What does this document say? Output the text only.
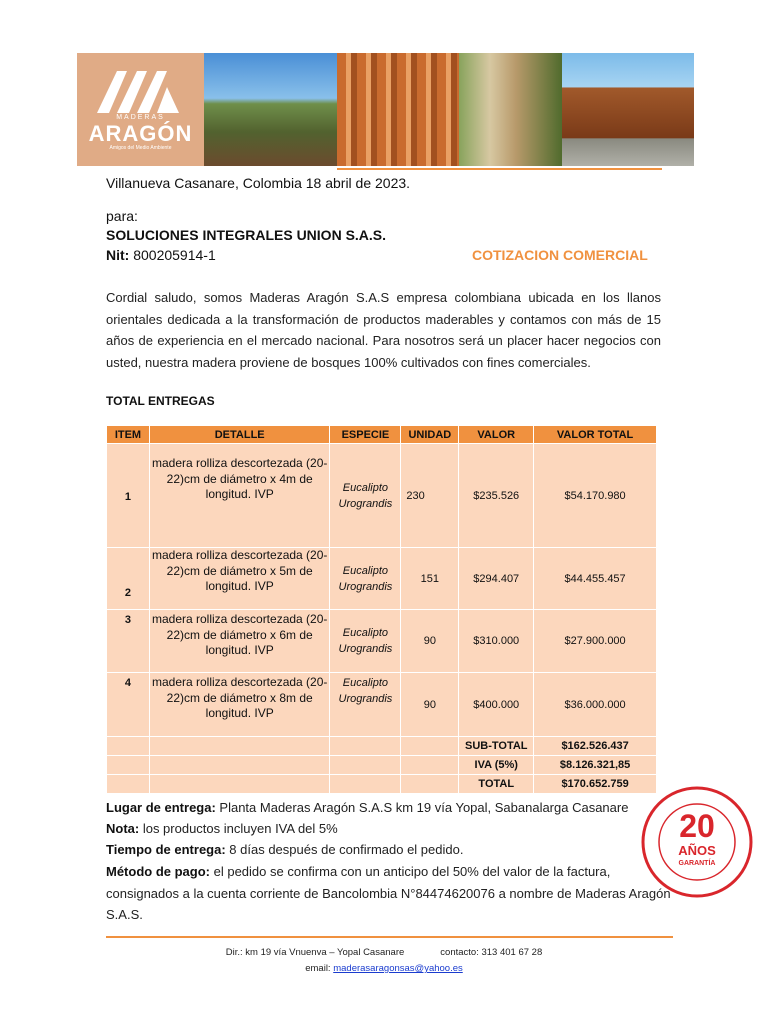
MADERAS
ARAGÓN
Amigos del Medio Ambiente
Villanueva Casanare, Colombia 18 abril de 2023.
para:
SOLUCIONES INTEGRALES UNION S.A.S.
Nit: 800205914-1	COTIZACION COMERCIAL
Cordial saludo, somos Maderas Aragón S.A.S empresa colombiana ubicada en los llanos orientales dedicada a la transformación de productos maderables y contamos con más de 15 años de experiencia en el mercado nacional. Para nosotros será un placer hacer negocios con usted, nuestra madera proviene de bosques 100% cultivados con fines comerciales.
TOTAL ENTREGAS
ITEM	DETALLE	ESPECIE	UNIDAD	VALOR	VALOR TOTAL
1	madera rolliza descortezada (20-22)cm de diámetro x 4m de longitud. IVP	Eucalipto Urograndis	230	$235.526	$54.170.980
2	madera rolliza descortezada (20-22)cm de diámetro x 5m de longitud. IVP	Eucalipto Urograndis	151	$294.407	$44.455.457
3	madera rolliza descortezada (20-22)cm de diámetro x 6m de longitud. IVP	Eucalipto Urograndis	90	$310.000	$27.900.000
4	madera rolliza descortezada (20-22)cm de diámetro x 8m de longitud. IVP	Eucalipto Urograndis	90	$400.000	$36.000.000
				SUB-TOTAL	$162.526.437
				IVA (5%)	$8.126.321,85
				TOTAL	$170.652.759
Lugar de entrega: Planta Maderas Aragón S.A.S km 19 vía Yopal, Sabanalarga Casanare
Nota: los productos incluyen IVA del 5%
Tiempo de entrega: 8 días después de confirmado el pedido.
Método de pago: el pedido se confirma con un anticipo del 50% del valor de la factura,
consignados a la cuenta corriente de Bancolombia N°84474620076 a nombre de Maderas Aragón
S.A.S.
20
AÑOS
GARANTÍA
Dir.: km 19 vía Vnuenva – Yopal Casanare	contacto: 313 401 67 28
email: maderasaragonsas@yahoo.es
